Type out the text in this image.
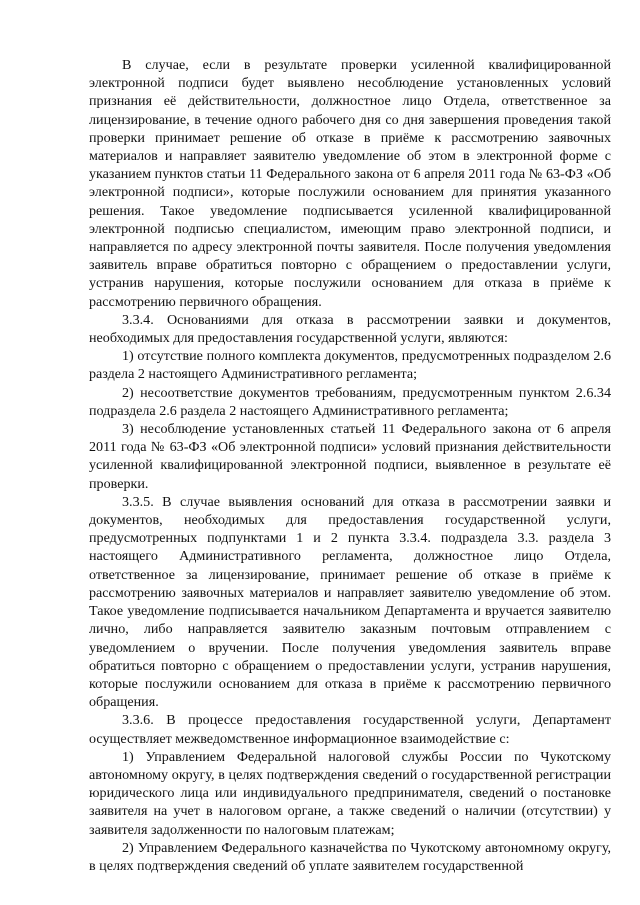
В случае, если в результате проверки усиленной квалифицированной электронной подписи будет выявлено несоблюдение установленных условий признания её действительности, должностное лицо Отдела, ответственное за лицензирование, в течение одного рабочего дня со дня завершения проведения такой проверки принимает решение об отказе в приёме к рассмотрению заявочных материалов и направляет заявителю уведомление об этом в электронной форме с указанием пунктов статьи 11 Федерального закона от 6 апреля 2011 года № 63-ФЗ «Об электронной подписи», которые послужили основанием для принятия указанного решения. Такое уведомление подписывается усиленной квалифицированной электронной подписью специалистом, имеющим право электронной подписи, и направляется по адресу электронной почты заявителя. После получения уведомления заявитель вправе обратиться повторно с обращением о предоставлении услуги, устранив нарушения, которые послужили основанием для отказа в приёме к рассмотрению первичного обращения.

3.3.4. Основаниями для отказа в рассмотрении заявки и документов, необходимых для предоставления государственной услуги, являются:

1) отсутствие полного комплекта документов, предусмотренных подразделом 2.6 раздела 2 настоящего Административного регламента;

2) несоответствие документов требованиям, предусмотренным пунктом 2.6.34 подраздела 2.6 раздела 2 настоящего Административного регламента;

3) несоблюдение установленных статьей 11 Федерального закона от 6 апреля 2011 года № 63-ФЗ «Об электронной подписи» условий признания действительности усиленной квалифицированной электронной подписи, выявленное в результате её проверки.

3.3.5. В случае выявления оснований для отказа в рассмотрении заявки и документов, необходимых для предоставления государственной услуги, предусмотренных подпунктами 1 и 2 пункта 3.3.4. подраздела 3.3. раздела 3 настоящего Административного регламента, должностное лицо Отдела, ответственное за лицензирование, принимает решение об отказе в приёме к рассмотрению заявочных материалов и направляет заявителю уведомление об этом. Такое уведомление подписывается начальником Департамента и вручается заявителю лично, либо направляется заявителю заказным почтовым отправлением с уведомлением о вручении. После получения уведомления заявитель вправе обратиться повторно с обращением о предоставлении услуги, устранив нарушения, которые послужили основанием для отказа в приёме к рассмотрению первичного обращения.

3.3.6. В процессе предоставления государственной услуги, Департамент осуществляет межведомственное информационное взаимодействие с:

1) Управлением Федеральной налоговой службы России по Чукотскому автономному округу, в целях подтверждения сведений о государственной регистрации юридического лица или индивидуального предпринимателя, сведений о постановке заявителя на учет в налоговом органе, а также сведений о наличии (отсутствии) у заявителя задолженности по налоговым платежам;

2) Управлением Федерального казначейства по Чукотскому автономному округу, в целях подтверждения сведений об уплате заявителем государственной
